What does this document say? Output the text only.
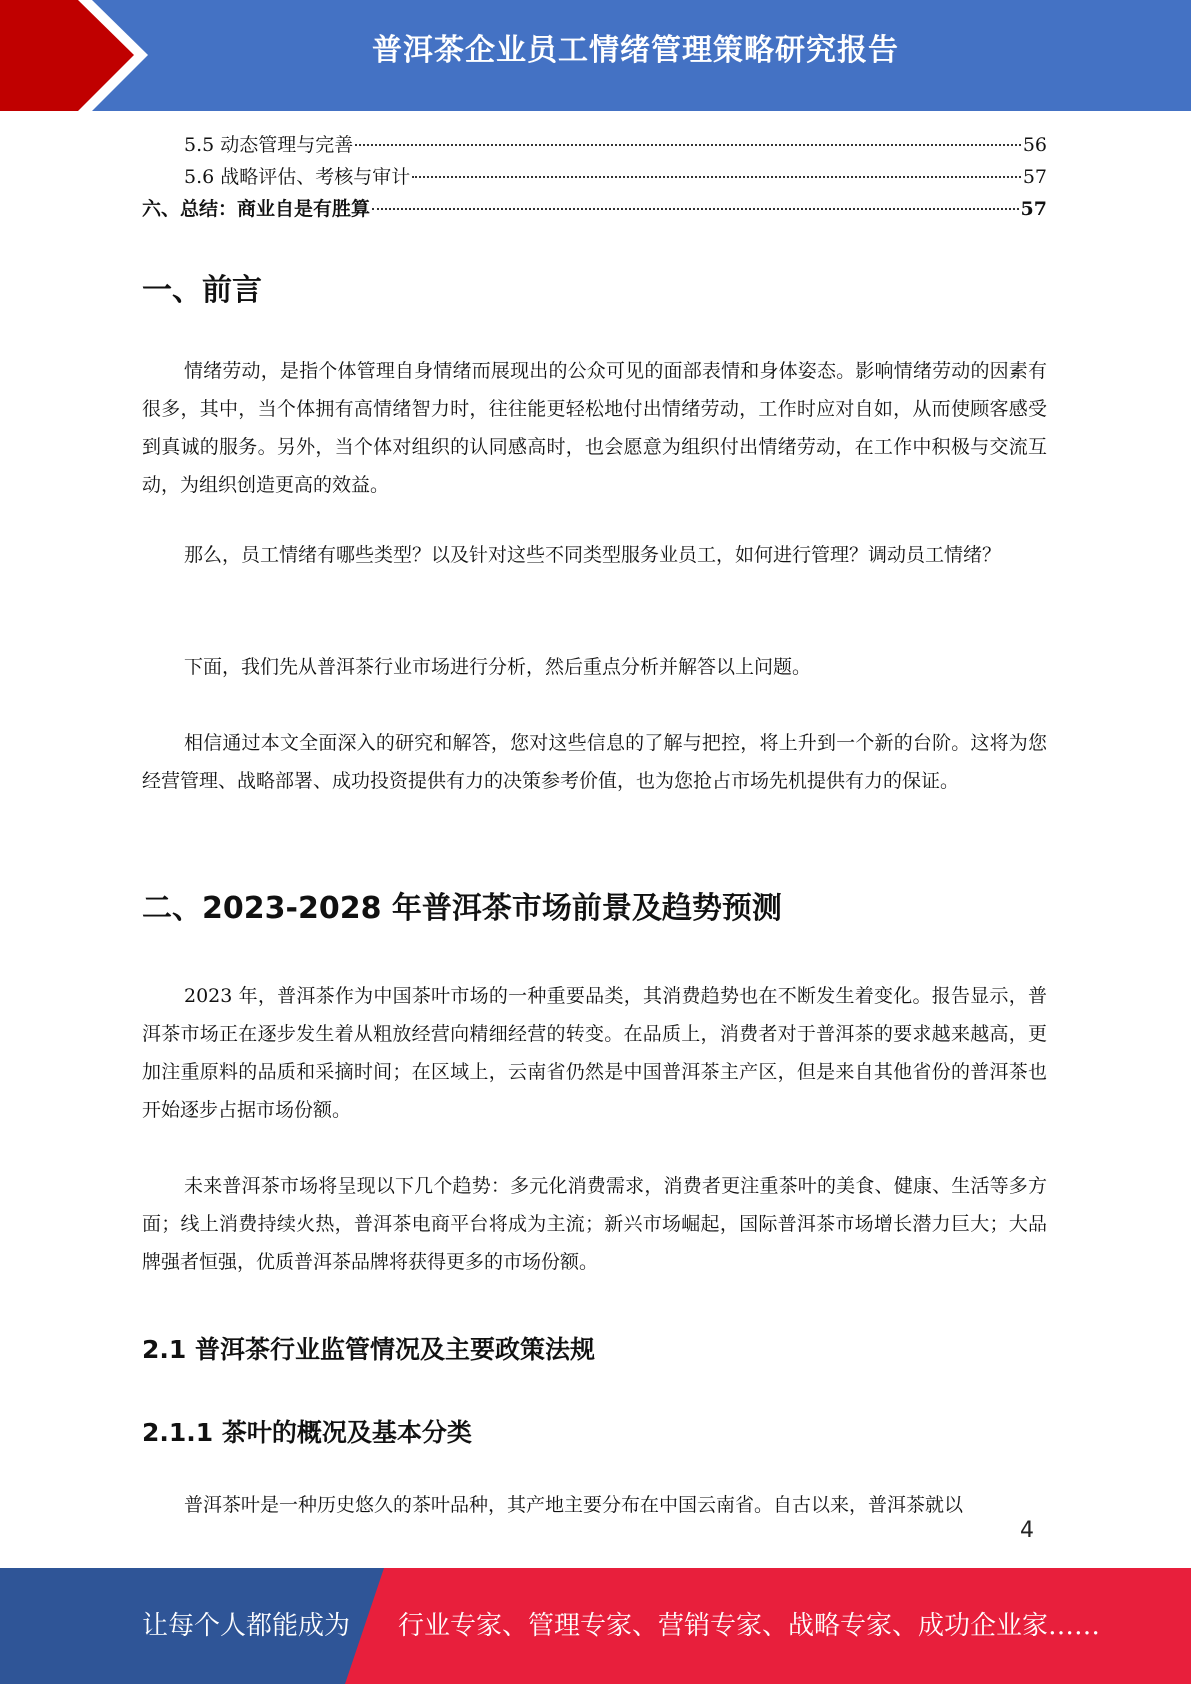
普洱茶企业员工情绪管理策略研究报告
5.5 动态管理与完善	56
5.6 战略评估、考核与审计	57
六、总结：商业自是有胜算	57
一、前言

情绪劳动，是指个体管理自身情绪而展现出的公众可见的面部表情和身体姿态。影响情绪劳动的因素有很多，其中，当个体拥有高情绪智力时，往往能更轻松地付出情绪劳动，工作时应对自如，从而使顾客感受到真诚的服务。另外，当个体对组织的认同感高时，也会愿意为组织付出情绪劳动，在工作中积极与交流互动，为组织创造更高的效益。

那么，员工情绪有哪些类型？以及针对这些不同类型服务业员工，如何进行管理？调动员工情绪？

下面，我们先从普洱茶行业市场进行分析，然后重点分析并解答以上问题。

相信通过本文全面深入的研究和解答，您对这些信息的了解与把控，将上升到一个新的台阶。这将为您经营管理、战略部署、成功投资提供有力的决策参考价值，也为您抢占市场先机提供有力的保证。

二、2023-2028 年普洱茶市场前景及趋势预测

2023 年，普洱茶作为中国茶叶市场的一种重要品类，其消费趋势也在不断发生着变化。报告显示，普洱茶市场正在逐步发生着从粗放经营向精细经营的转变。在品质上，消费者对于普洱茶的要求越来越高，更加注重原料的品质和采摘时间；在区域上，云南省仍然是中国普洱茶主产区，但是来自其他省份的普洱茶也开始逐步占据市场份额。

未来普洱茶市场将呈现以下几个趋势：多元化消费需求，消费者更注重茶叶的美食、健康、生活等多方面；线上消费持续火热，普洱茶电商平台将成为主流；新兴市场崛起，国际普洱茶市场增长潜力巨大；大品牌强者恒强，优质普洱茶品牌将获得更多的市场份额。

2.1 普洱茶行业监管情况及主要政策法规
2.1.1 茶叶的概况及基本分类

普洱茶叶是一种历史悠久的茶叶品种，其产地主要分布在中国云南省。自古以来，普洱茶就以

4
让每个人都能成为 行业专家、管理专家、营销专家、战略专家、成功企业家……
